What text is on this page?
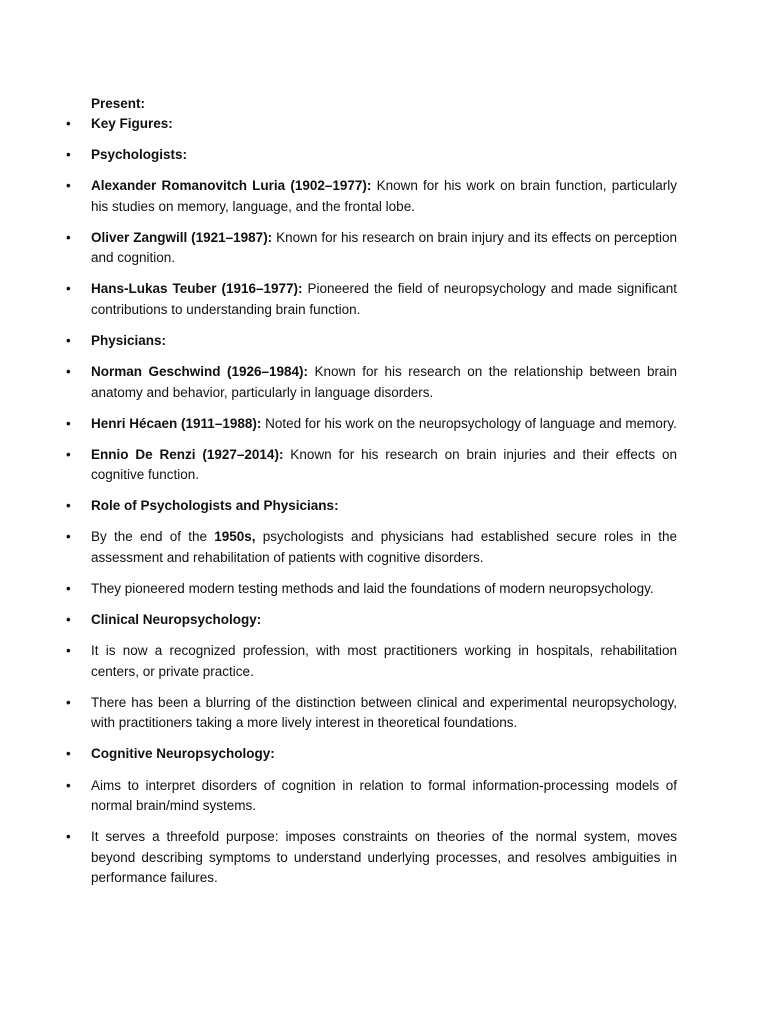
Present:
•	Key Figures:
•	Psychologists:
•	Alexander Romanovitch Luria (1902–1977): Known for his work on brain function, particularly his studies on memory, language, and the frontal lobe.
•	Oliver Zangwill (1921–1987): Known for his research on brain injury and its effects on perception and cognition.
•	Hans-Lukas Teuber (1916–1977): Pioneered the field of neuropsychology and made significant contributions to understanding brain function.
•	Physicians:
•	Norman Geschwind (1926–1984): Known for his research on the relationship between brain anatomy and behavior, particularly in language disorders.
•	Henri Hécaen (1911–1988): Noted for his work on the neuropsychology of language and memory.
•	Ennio De Renzi (1927–2014): Known for his research on brain injuries and their effects on cognitive function.
•	Role of Psychologists and Physicians:
•	By the end of the 1950s, psychologists and physicians had established secure roles in the assessment and rehabilitation of patients with cognitive disorders.
•	They pioneered modern testing methods and laid the foundations of modern neuropsychology.
•	Clinical Neuropsychology:
•	It is now a recognized profession, with most practitioners working in hospitals, rehabilitation centers, or private practice.
•	There has been a blurring of the distinction between clinical and experimental neuropsychology, with practitioners taking a more lively interest in theoretical foundations.
•	Cognitive Neuropsychology:
•	Aims to interpret disorders of cognition in relation to formal information-processing models of normal brain/mind systems.
•	It serves a threefold purpose: imposes constraints on theories of the normal system, moves beyond describing symptoms to understand underlying processes, and resolves ambiguities in performance failures.
